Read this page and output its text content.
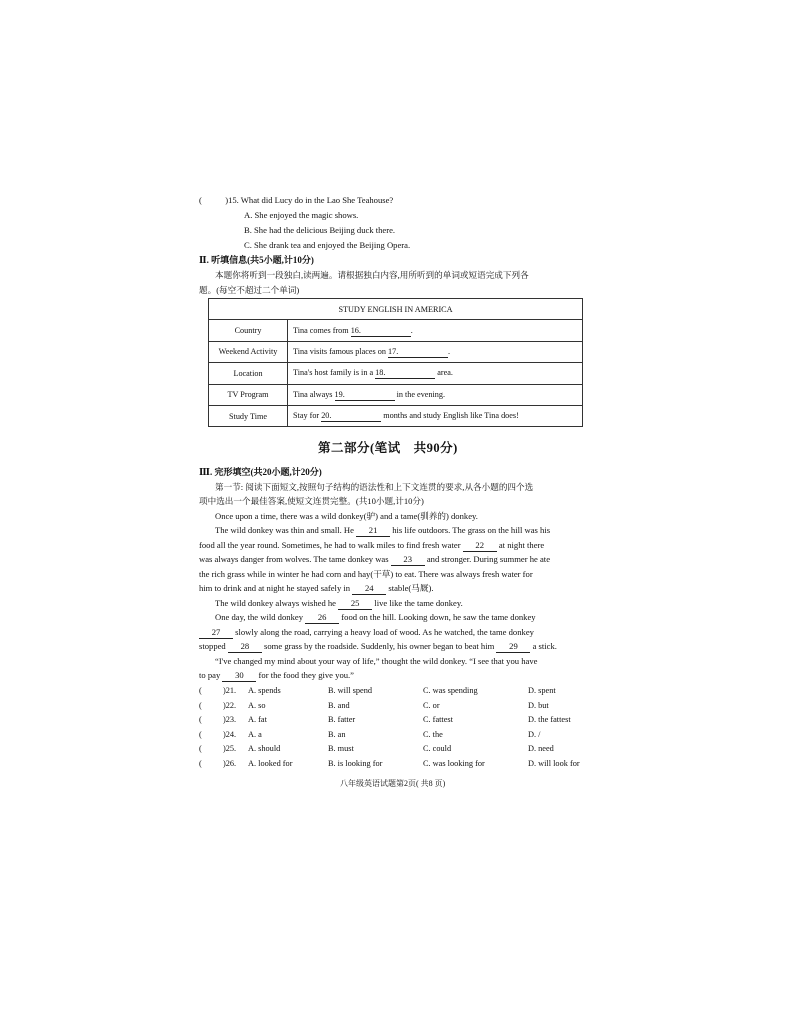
(	)15. What did Lucy do in the Lao She Teahouse?
A. She enjoyed the magic shows.
B. She had the delicious Beijing duck there.
C. She drank tea and enjoyed the Beijing Opera.
Ⅱ. 听填信息(共5小题,计10分)
本题你将听到一段独白,读两遍。请根据独白内容,用所听到的单词或短语完成下列各
题。(每空不超过二个单词)
STUDY ENGLISH IN AMERICA	
Country	Tina comes from 16. .
Weekend Activity	Tina visits famous places on 17. .
Location	Tina's host family is in a 18. area.
TV Program	Tina always 19. in the evening.
Study Time	Stay for 20. months and study English like Tina does!
第二部分(笔试　共90分)
Ⅲ. 完形填空(共20小题,计20分)
第一节: 阅读下面短文,按照句子结构的语法性和上下文连贯的要求,从各小题的四个选
项中选出一个最佳答案,使短文连贯完整。(共10小题,计10分)
Once upon a time, there was a wild donkey(驴) and a tame(驯养的) donkey.
The wild donkey was thin and small. He 21 his life outdoors. The grass on the hill was his
food all the year round. Sometimes, he had to walk miles to find fresh water 22 at night there
was always danger from wolves. The tame donkey was 23 and stronger. During summer he ate
the rich grass while in winter he had corn and hay(干草) to eat. There was always fresh water for
him to drink and at night he stayed safely in 24 stable(马厩).
The wild donkey always wished he 25 live like the tame donkey.
One day, the wild donkey 26 food on the hill. Looking down, he saw the tame donkey
27 slowly along the road, carrying a heavy load of wood. As he watched, the tame donkey
stopped 28 some grass by the roadside. Suddenly, his owner began to beat him 29 a stick.
“I've changed my mind about your way of life,” thought the wild donkey. “I see that you have
to pay 30 for the food they give you.”
(	)21. A. spends	B. will spend	C. was spending	D. spent
(	)22. A. so	B. and	C. or	D. but
(	)23. A. fat	B. fatter	C. fattest	D. the fattest
(	)24. A. a	B. an	C. the	D. /
(	)25. A. should	B. must	C. could	D. need
(	)26. A. looked for	B. is looking for	C. was looking for	D. will look for
八年级英语试题第2页( 共8 页)
